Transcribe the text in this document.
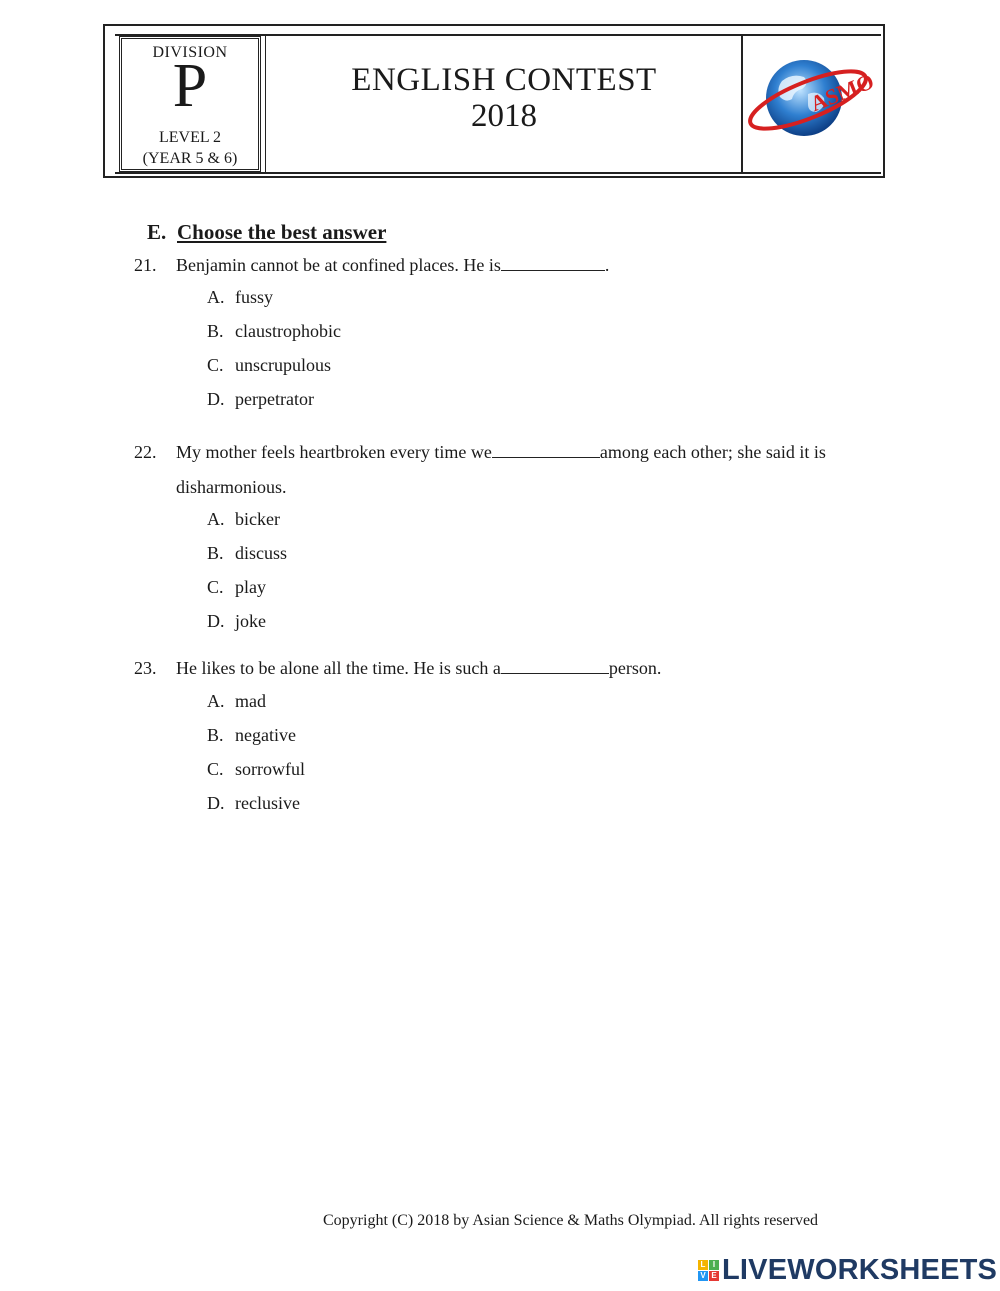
DIVISION
P
LEVEL 2
(YEAR 5 & 6)
ENGLISH CONTEST
2018	ASMO
E. Choose the best answer
21. Benjamin cannot be at confined places. He is	.
A. fussy
B. claustrophobic
C. unscrupulous
D. perpetrator
22. My mother feels heartbroken every time we	among each other; she said it is
disharmonious.
A. bicker
B. discuss
C. play
D. joke
23. He likes to be alone all the time. He is such a	person.
A. mad
B. negative
C. sorrowful
D. reclusive
Copyright (C) 2018 by Asian Science & Maths Olympiad. All rights reserved
L I
V E LIVEWORKSHEETS
